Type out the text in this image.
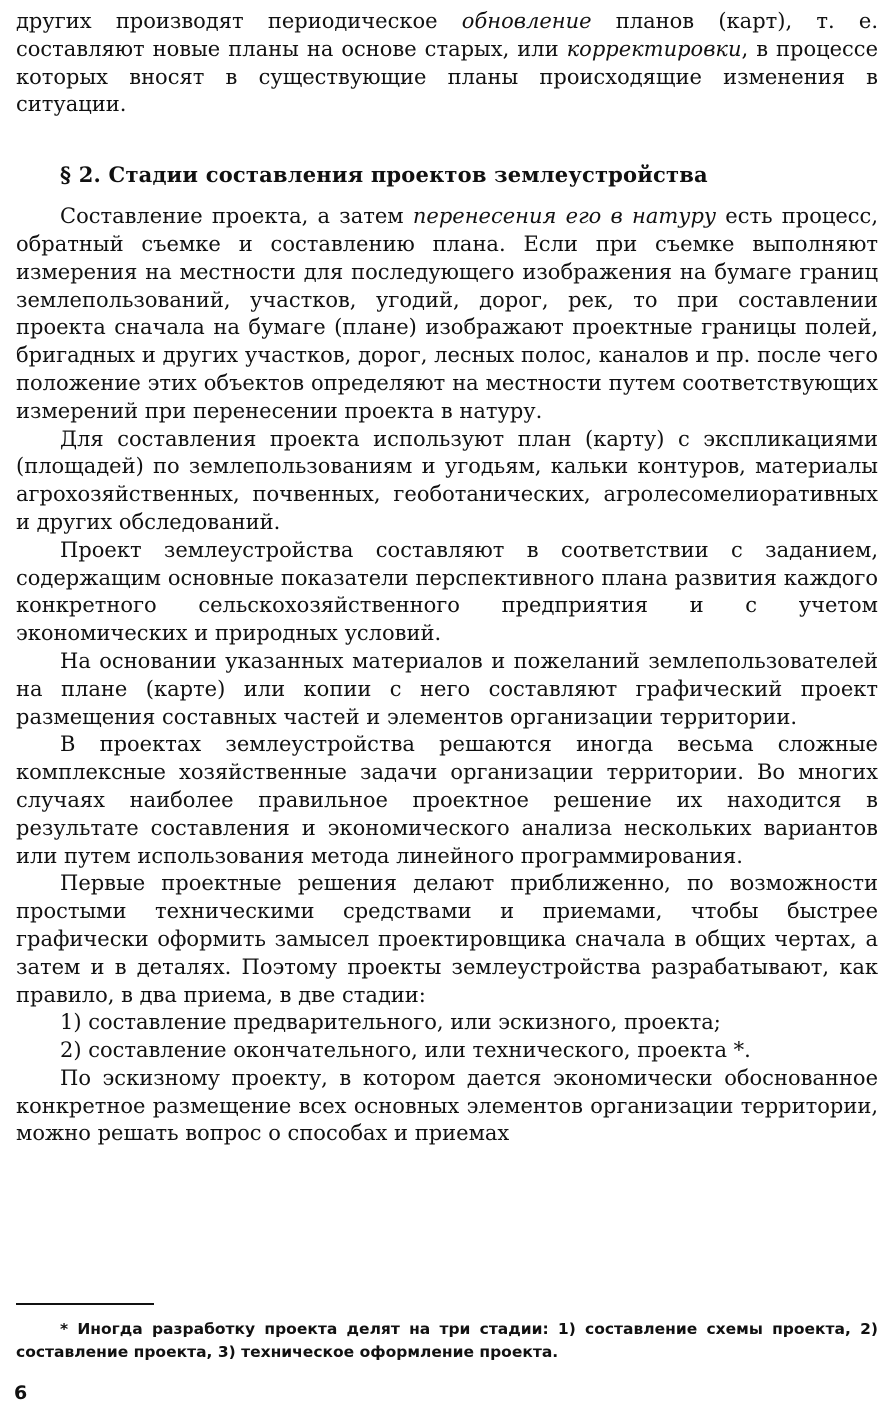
других производят периодическое обновление планов (карт), т. е. составляют новые планы на основе старых, или корректировки, в процессе которых вносят в существующие планы происходящие изменения в ситуации.

§ 2. Стадии составления проектов землеустройства

Составление проекта, а затем перенесения его в натуру есть процесс, обратный съемке и составлению плана. Если при съемке выполняют измерения на местности для последующего изображения на бумаге границ землепользований, участков, угодий, дорог, рек, то при составлении проекта сначала на бумаге (плане) изображают проектные границы полей, бригадных и других участков, дорог, лесных полос, каналов и пр. после чего положение этих объектов определяют на местности путем соответствующих измерений при перенесении проекта в натуру.

Для составления проекта используют план (карту) с экспликациями (площадей) по землепользованиям и угодьям, кальки контуров, материалы агрохозяйственных, почвенных, геоботанических, агролесомелиоративных и других обследований.

Проект землеустройства составляют в соответствии с заданием, содержащим основные показатели перспективного плана развития каждого конкретного сельскохозяйственного предприятия и с учетом экономических и природных условий.

На основании указанных материалов и пожеланий землепользователей на плане (карте) или копии с него составляют графический проект размещения составных частей и элементов организации территории.

В проектах землеустройства решаются иногда весьма сложные комплексные хозяйственные задачи организации территории. Во многих случаях наиболее правильное проектное решение их находится в результате составления и экономического анализа нескольких вариантов или путем использования метода линейного программирования.

Первые проектные решения делают приближенно, по возможности простыми техническими средствами и приемами, чтобы быстрее графически оформить замысел проектировщика сначала в общих чертах, а затем и в деталях. Поэтому проекты землеустройства разрабатывают, как правило, в два приема, в две стадии:

1) составление предварительного, или эскизного, проекта;

2) составление окончательного, или технического, проекта *.

По эскизному проекту, в котором дается экономически обоснованное конкретное размещение всех основных элементов организации территории, можно решать вопрос о способах и приемах

* Иногда разработку проекта делят на три стадии: 1) составление схемы проекта, 2) составление проекта, 3) техническое оформление проекта.

6
